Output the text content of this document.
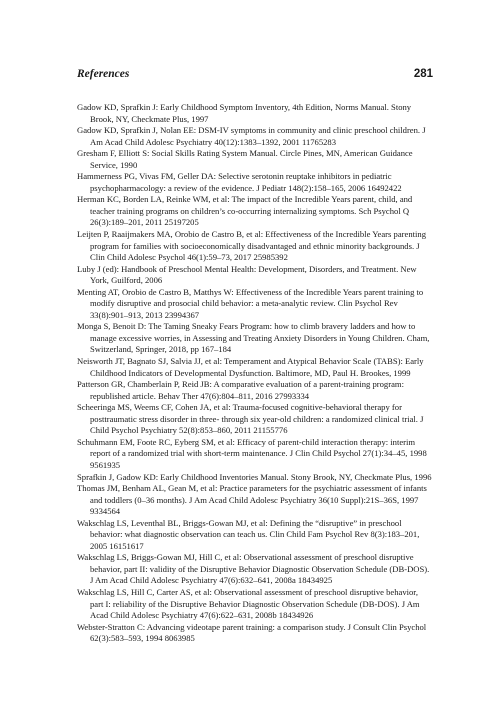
References	281
Gadow KD, Sprafkin J: Early Childhood Symptom Inventory, 4th Edition, Norms Manual. Stony Brook, NY, Checkmate Plus, 1997
Gadow KD, Sprafkin J, Nolan EE: DSM-IV symptoms in community and clinic preschool children. J Am Acad Child Adolesc Psychiatry 40(12):1383–1392, 2001 11765283
Gresham F, Elliott S: Social Skills Rating System Manual. Circle Pines, MN, American Guidance Service, 1990
Hammerness PG, Vivas FM, Geller DA: Selective serotonin reuptake inhibitors in pediatric psychopharmacology: a review of the evidence. J Pediatr 148(2):158–165, 2006 16492422
Herman KC, Borden LA, Reinke WM, et al: The impact of the Incredible Years parent, child, and teacher training programs on children’s co-occurring internalizing symptoms. Sch Psychol Q 26(3):189–201, 2011 25197205
Leijten P, Raaijmakers MA, Orobio de Castro B, et al: Effectiveness of the Incredible Years parenting program for families with socioeconomically disadvantaged and ethnic minority backgrounds. J Clin Child Adolesc Psychol 46(1):59–73, 2017 25985392
Luby J (ed): Handbook of Preschool Mental Health: Development, Disorders, and Treatment. New York, Guilford, 2006
Menting AT, Orobio de Castro B, Matthys W: Effectiveness of the Incredible Years parent training to modify disruptive and prosocial child behavior: a meta-analytic review. Clin Psychol Rev 33(8):901–913, 2013 23994367
Monga S, Benoit D: The Taming Sneaky Fears Program: how to climb bravery ladders and how to manage excessive worries, in Assessing and Treating Anxiety Disorders in Young Children. Cham, Switzerland, Springer, 2018, pp 167–184
Neisworth JT, Bagnato SJ, Salvia JJ, et al: Temperament and Atypical Behavior Scale (TABS): Early Childhood Indicators of Developmental Dysfunction. Baltimore, MD, Paul H. Brookes, 1999
Patterson GR, Chamberlain P, Reid JB: A comparative evaluation of a parent-training program: republished article. Behav Ther 47(6):804–811, 2016 27993334
Scheeringa MS, Weems CF, Cohen JA, et al: Trauma-focused cognitive-behavioral therapy for posttraumatic stress disorder in three- through six year-old children: a randomized clinical trial. J Child Psychol Psychiatry 52(8):853–860, 2011 21155776
Schuhmann EM, Foote RC, Eyberg SM, et al: Efficacy of parent-child interaction therapy: interim report of a randomized trial with short-term maintenance. J Clin Child Psychol 27(1):34–45, 1998 9561935
Sprafkin J, Gadow KD: Early Childhood Inventories Manual. Stony Brook, NY, Checkmate Plus, 1996
Thomas JM, Benham AL, Gean M, et al: Practice parameters for the psychiatric assessment of infants and toddlers (0–36 months). J Am Acad Child Adolesc Psychiatry 36(10 Suppl):21S–36S, 1997 9334564
Wakschlag LS, Leventhal BL, Briggs-Gowan MJ, et al: Defining the “disruptive” in preschool behavior: what diagnostic observation can teach us. Clin Child Fam Psychol Rev 8(3):183–201, 2005 16151617
Wakschlag LS, Briggs-Gowan MJ, Hill C, et al: Observational assessment of preschool disruptive behavior, part II: validity of the Disruptive Behavior Diagnostic Observation Schedule (DB-DOS). J Am Acad Child Adolesc Psychiatry 47(6):632–641, 2008a 18434925
Wakschlag LS, Hill C, Carter AS, et al: Observational assessment of preschool disruptive behavior, part I: reliability of the Disruptive Behavior Diagnostic Observation Schedule (DB-DOS). J Am Acad Child Adolesc Psychiatry 47(6):622–631, 2008b 18434926
Webster-Stratton C: Advancing videotape parent training: a comparison study. J Consult Clin Psychol 62(3):583–593, 1994 8063985
